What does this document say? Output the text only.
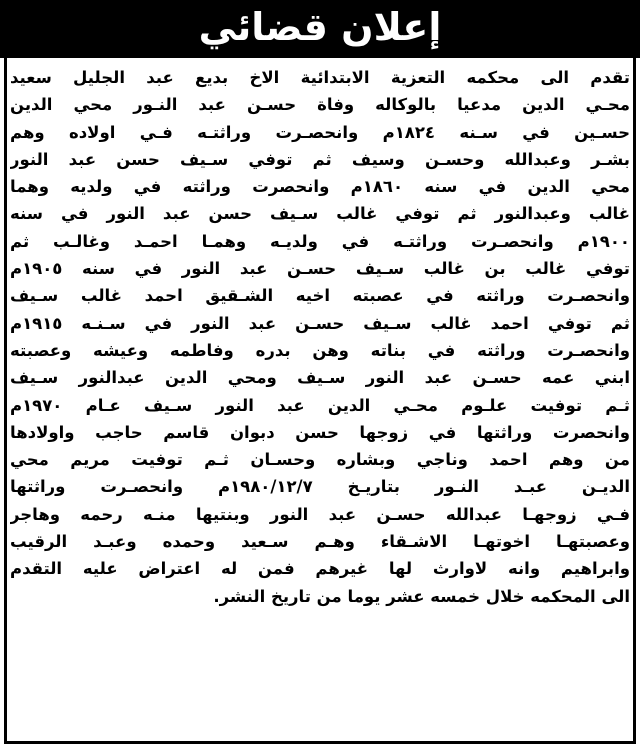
إعلان قضائي
تقدم الى محكمه التعزية الابتدائية الاخ بديع عبد الجليل سعيد
محـي الدين مدعيا بالوكاله وفاة حسـن عبد النـور محي الدين
حسـين في سـنه ١٨٢٤م وانحصـرت وراثتـه فـي اولاده وهم
بشـر وعبدالله وحسـن وسيف ثم توفي سـيف حسن عبد النور
محي الدين في سنه ١٨٦٠م وانحصرت وراثته في ولديه وهما
غالب وعبدالنور ثم توفي غالب سـيف حسن عبد النور في سنه
١٩٠٠م وانحصـرت وراثتـه في ولديـه وهمـا احمـد وغالـب ثم
توفي غالب بن غالب سـيف حسـن عبد النور في سنه ١٩٠٥م
وانحصـرت وراثته في عصبته اخيه الشـقيق احمد غالب سـيف
ثم توفي احمد غالب سـيف حسـن عبد النور في سـنـه ١٩١٥م
وانحصـرت وراثته في بناته وهن بدره وفاطمه وعيشه وعصبته
ابني عمه حسـن عبد النور سـيف ومحي الدين عبدالنور سـيف
ثـم توفيت علـوم محـي الدين عبد النور سـيف عـام ١٩٧٠م
وانحصرت وراثتها في زوجها حسن دبوان قاسم حاجب واولادها
من وهم احمد وناجي وبشاره وحسـان ثـم توفيت مريم محي
الديـن عبـد النـور بتاريـخ ١٩٨٠/١٢/٧م وانحصـرت وراثتها
فـي زوجهـا عبدالله حسـن عبد النور وبنتيها منـه رحمه وهاجر
وعصبتهـا اخوتهـا الاشـقاء وهـم سـعيد وحمده وعبـد الرقيب
وابراهيم وانه لاوارث لها غيرهم فمن له اعتراض عليه التقدم
الى المحكمه خلال خمسه عشر يوما من تاريخ النشر.
